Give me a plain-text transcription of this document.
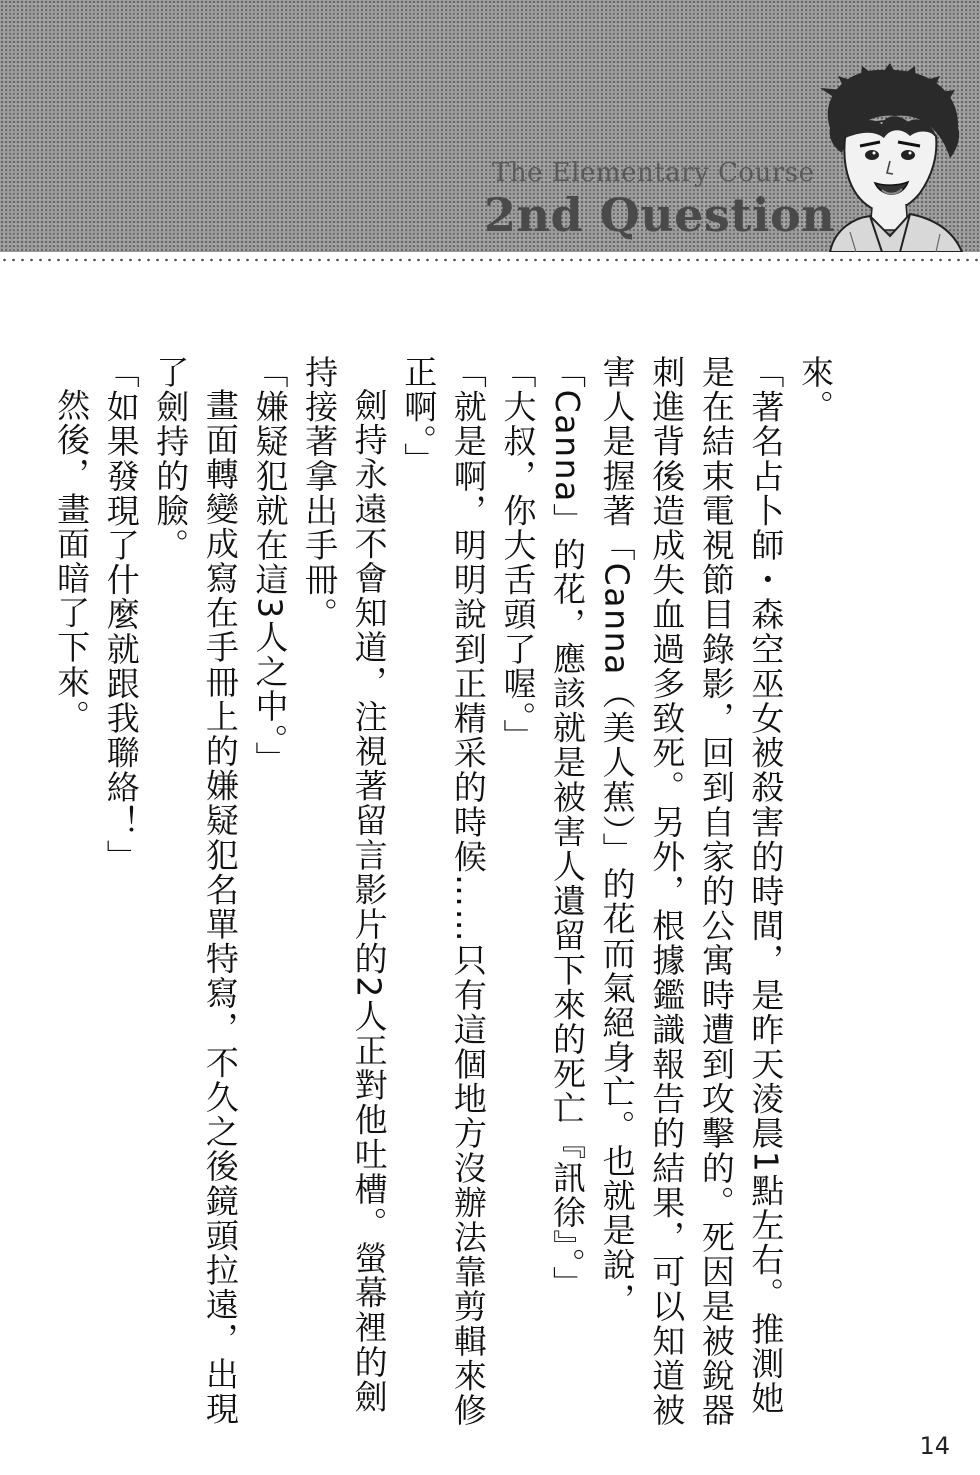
The Elementary Course
2nd Question

來。

「著名占卜師・森空巫女被殺害的時間，是昨天淩晨1點左右。推測她是在結束電視節目錄影，回到自家的公寓時遭到攻擊的。死因是被銳器刺進背後造成失血過多致死。另外，根據鑑識報告的結果，可以知道被害人是握著「Canna（美人蕉）」的花而氣絕身亡。也就是說，「Canna」的花，應該就是被害人遺留下來的死亡『訊徐』。」

「大叔，你大舌頭了喔。」

「就是啊，明明說到正精采的時候……只有這個地方沒辦法靠剪輯來修正啊。」

劍持永遠不會知道，注視著留言影片的2人正對他吐槽。螢幕裡的劍持接著拿出手冊。

「嫌疑犯就在這3人之中。」

畫面轉變成寫在手冊上的嫌疑犯名單特寫，不久之後鏡頭拉遠，出現了劍持的臉。

「如果發現了什麼就跟我聯絡！」

然後，畫面暗了下來。

14
